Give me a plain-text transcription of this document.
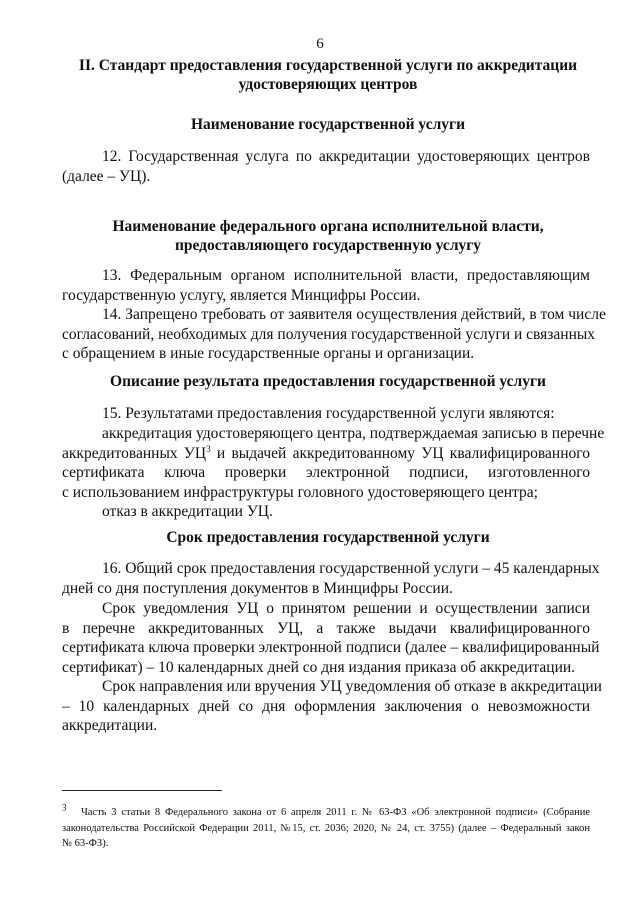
6
II. Стандарт предоставления государственной услуги по аккредитации
удостоверяющих центров
Наименование государственной услуги
12. Государственная услуга по аккредитации удостоверяющих центров
(далее – УЦ).
Наименование федерального органа исполнительной власти,
предоставляющего государственную услугу
13. Федеральным органом исполнительной власти, предоставляющим
государственную услугу, является Минцифры России.
14. Запрещено требовать от заявителя осуществления действий, в том числе
согласований, необходимых для получения государственной услуги и связанных
с обращением в иные государственные органы и организации.
Описание результата предоставления государственной услуги
15. Результатами предоставления государственной услуги являются:
аккредитация удостоверяющего центра, подтверждаемая записью в перечне
аккредитованных $УЦ^3$ и выдачей аккредитованному УЦ квалифицированного
сертификата ключа проверки электронной подписи, изготовленного
с использованием инфраструктуры головного удостоверяющего центра;
отказ в аккредитации УЦ.
Срок предоставления государственной услуги
16. Общий срок предоставления государственной услуги – 45 календарных
дней со дня поступления документов в Минцифры России.
Срок уведомления УЦ о принятом решении и осуществлении записи
в перечне аккредитованных УЦ, а также выдачи квалифицированного
сертификата ключа проверки электронной подписи (далее – квалифицированный
сертификат) – 10 календарных дней со дня издания приказа об аккредитации.
Срок направления или вручения УЦ уведомления об отказе в аккредитации
– 10 календарных дней со дня оформления заключения о невозможности
аккредитации.
$^3$ Часть 3 статьи 8 Федерального закона от 6 апреля 2011 г. № 63-ФЗ «Об электронной подписи» (Собрание
законодательства Российской Федерации 2011, №15, ст. 2036; 2020, № 24, ст. 3755) (далее – Федеральный закон
№ 63-ФЗ).
